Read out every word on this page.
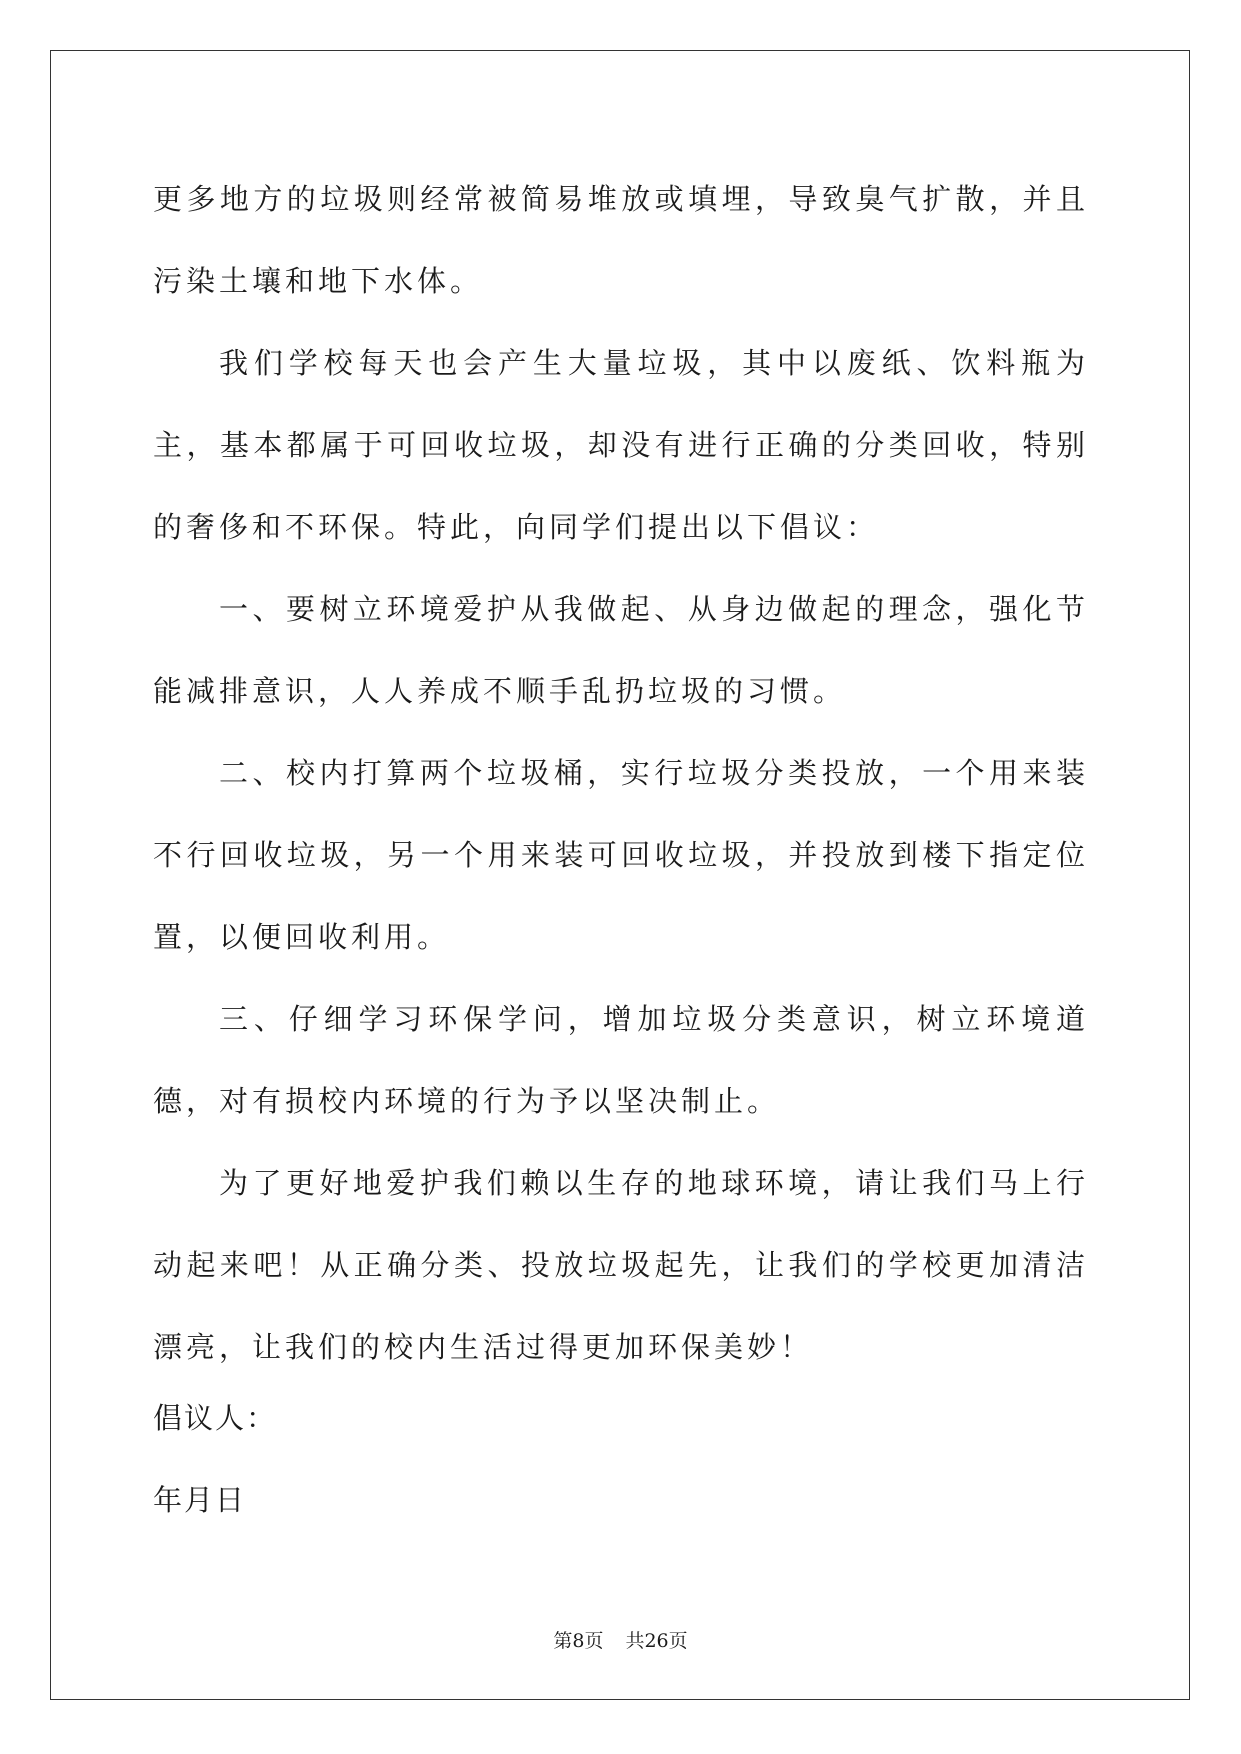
更多地方的垃圾则经常被简易堆放或填埋，导致臭气扩散，并且污染土壤和地下水体。

我们学校每天也会产生大量垃圾，其中以废纸、饮料瓶为主，基本都属于可回收垃圾，却没有进行正确的分类回收，特别的奢侈和不环保。特此，向同学们提出以下倡议：

一、要树立环境爱护从我做起、从身边做起的理念，强化节能减排意识，人人养成不顺手乱扔垃圾的习惯。

二、校内打算两个垃圾桶，实行垃圾分类投放，一个用来装不行回收垃圾，另一个用来装可回收垃圾，并投放到楼下指定位置，以便回收利用。

三、仔细学习环保学问，增加垃圾分类意识，树立环境道德，对有损校内环境的行为予以坚决制止。

为了更好地爱护我们赖以生存的地球环境，请让我们马上行动起来吧！从正确分类、投放垃圾起先，让我们的学校更加清洁漂亮，让我们的校内生活过得更加环保美妙！

倡议人：

年月日

第8页 共26页
